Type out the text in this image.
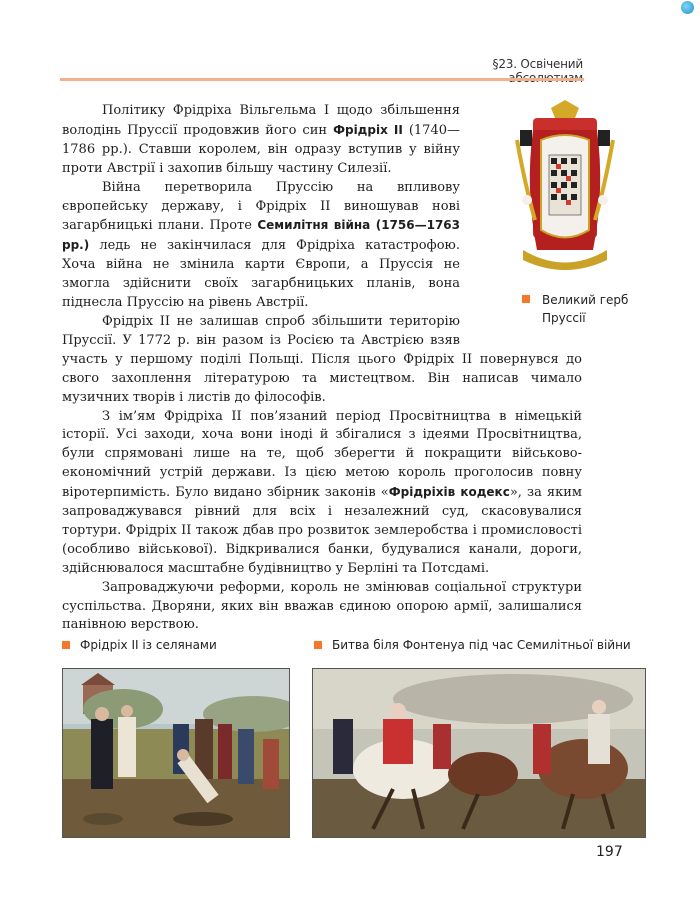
§23. Освічений

Політику Фрідріха Вільгельма I щодо збільшення володінь Пруссії продовжив його син Фрідріх II (1740—1786 рр.). Ставши королем, він одразу вступив у війну проти Австрії і захопив більшу частину Силезії.

Війна перетворила Пруссію на впливову європейську державу, і Фрідріх II виношував нові загарбницькі плани. Проте Семилітня війна (1756—1763 рр.) ледь не закінчилася для Фрідріха катастрофою. Хоча війна не змінила карти Європи, а Пруссія не змогла здійснити своїх загарбницьких планів, вона піднесла Пруссію на рівень Австрії.

Фрідріх II не залишав спроб збільшити територію Пруссії. У 1772 р. він разом із Росією та Австрією взяв участь у першому поділі Польщі. Після цього Фрідріх II повернувся до свого захоплення літературою та мистецтвом. Він написав чимало музичних творів і листів до філософів.

З ім’ям Фрідріха II пов’язаний період Просвітництва в німецькій історії. Усі заходи, хоча вони іноді й збігалися з ідеями Просвітництва, були спрямовані лише на те, щоб зберегти й покращити військово-економічний устрій держави. Із цією метою король проголосив повну віротерпимість. Було видано збірник законів «Фрідріхів кодекс», за яким запроваджувався рівний для всіх і незалежний суд, скасовувалися тортури. Фрідріх II також дбав про розвиток землеробства і промисловості (особливо військової). Відкривалися банки, будувалися канали, дороги, здійснювалося масштабне будівництво у Берліні та Потсдамі.

Запроваджуючи реформи, король не змінював соціальної структури суспільства. Дворяни, яких він вважав єдиною опорою армії, залишалися панівною верствою.

Великий герб Пруссії
Фрідріх II із селянами	Битва біля Фонтенуа під час Семилітньої війни
197
